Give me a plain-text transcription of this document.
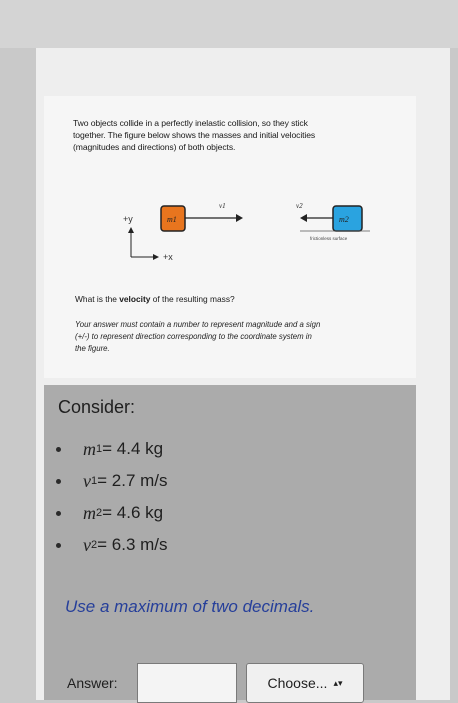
Two objects collide in a perfectly inelastic collision, so they stick
together. The figure below shows the masses and initial velocities
(magnitudes and directions) of both objects.
+y
+x
m1
v1	v2
m2
frictionless surface
What is the velocity of the resulting mass?
Your answer must contain a number to represent magnitude and a sign
(+/-) to represent direction corresponding to the coordinate system in
the figure.
Consider:
m 1 = 4.4 kg
v 1 = 2.7 m/s
m 2 = 4.6 kg
v 2 = 6.3 m/s
Use a maximum of two decimals.
Answer:	Choose... ▴▾
